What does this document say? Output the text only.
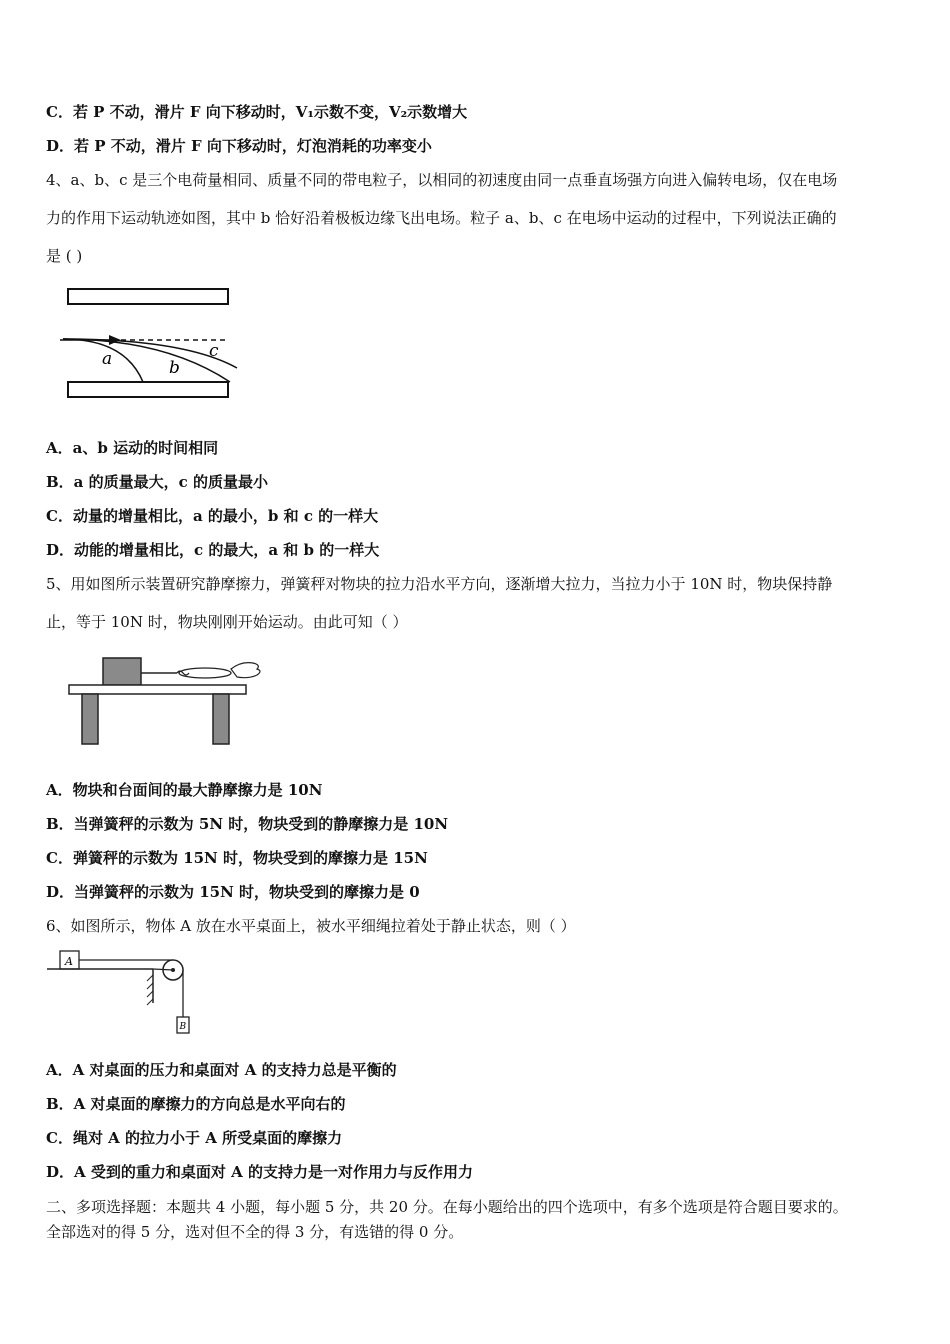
C．若 P 不动，滑片 F 向下移动时，V₁示数不变，V₂示数增大
D．若 P 不动，滑片 F 向下移动时，灯泡消耗的功率变小
4、a、b、c 是三个电荷量相同、质量不同的带电粒子，以相同的初速度由同一点垂直场强方向进入偏转电场，仅在电场
力的作用下运动轨迹如图，其中 b 恰好沿着极板边缘飞出电场。粒子 a、b、c 在电场中运动的过程中，下列说法正确的
是 ( )
a	b
c
A．a、b 运动的时间相同
B．a 的质量最大，c 的质量最小
C．动量的增量相比，a 的最小，b 和 c 的一样大
D．动能的增量相比，c 的最大，a 和 b 的一样大
5、用如图所示装置研究静摩擦力，弹簧秤对物块的拉力沿水平方向，逐渐增大拉力，当拉力小于 10N 时，物块保持静
止，等于 10N 时，物块刚刚开始运动。由此可知（ ）
A．物块和台面间的最大静摩擦力是 10N
B．当弹簧秤的示数为 5N 时，物块受到的静摩擦力是 10N
C．弹簧秤的示数为 15N 时，物块受到的摩擦力是 15N
D．当弹簧秤的示数为 15N 时，物块受到的摩擦力是 0
6、如图所示，物体 A 放在水平桌面上，被水平细绳拉着处于静止状态，则（ ）
A
B
A．A 对桌面的压力和桌面对 A 的支持力总是平衡的
B．A 对桌面的摩擦力的方向总是水平向右的
C．绳对 A 的拉力小于 A 所受桌面的摩擦力
D．A 受到的重力和桌面对 A 的支持力是一对作用力与反作用力
二、多项选择题：本题共 4 小题，每小题 5 分，共 20 分。在每小题给出的四个选项中，有多个选项是符合题目要求的。
全部选对的得 5 分，选对但不全的得 3 分，有选错的得 0 分。
